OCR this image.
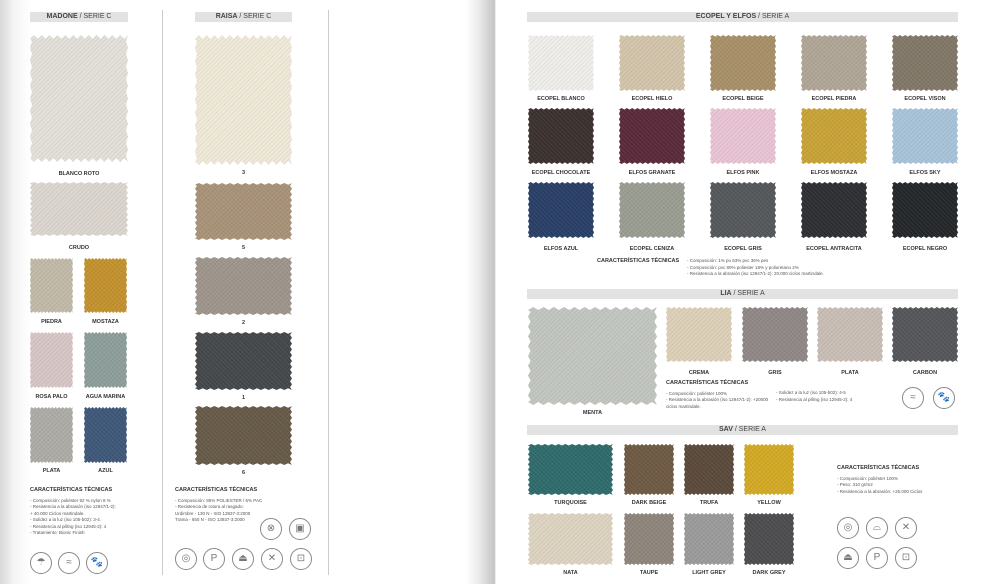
MADONE / SERIE C
BLANCO ROTO
CRUDO
PIEDRA	MOSTAZA
ROSA PALO	AGUA MARINA
PLATA	AZUL
CARACTERÍSTICAS TÉCNICAS
- Composición: poliéster 92 % nylon 8 %
- Resistencia a la abrasión (iso 12947/1-2):
+ 40.000 Ciclos martindale.
- Solidez a la luz (iso 105-b02): 3-4.
- Resistencia al pilling (iso 12945-2): 4
- Tratamiento: Bionic Finish
☂	≈	🐾
RAISA / SERIE C
3
5
2
1
6
CARACTERÍSTICAS TÉCNICAS
- Composición: 95% POLIESTER / 5% PAC
- Resistencia de rotura al rasgado:
Urdimbre - 130 N - ISO 13937-3:2000
Trama - 650 N - ISO 13937-3:2000
⊗	▣
◎	P	⏏	✕	⊡
ECOPEL Y ELFOS / SERIE A
ECOPEL BLANCO	ECOPEL HIELO	ECOPEL BEIGE	ECOPEL PIEDRA	ECOPEL VISON
ECOPEL CHOCOLATE	ELFOS GRANATE	ELFOS PINK	ELFOS MOSTAZA	ELFOS SKY
ELFOS AZUL	ECOPEL CENIZA	ECOPEL GRIS	ECOPEL ANTRACITA	ECOPEL NEGRO
CARACTERÍSTICAS TÉCNICAS - Composición: 1% pu 63% pvc 36% pes
- Composición: pvc 80% poliester 18% y poliuretano 2%
- Resistencia a la abrasión (iso 12947/1-2): 20.000 ciclos martindale.
LIA / SERIE A
MENTA
CREMA	GRIS	PLATA	CARBON
CARACTERÍSTICAS TÉCNICAS
- Composición: poliéster 100%
- Resistencia a la abrasión (iso 12947/1-2): +20000
ciclos martindale.
- Solidez a la luz (iso 105-b02): 4-5
- Resistencia al pilling (iso 12945-2): 4	≈	🐾
SAV / SERIE A
TURQUOISE	DARK BEIGE	TRUFA	YELLOW
NATA	TAUPE	LIGHT GREY	DARK GREY
CARACTERÍSTICAS TÉCNICAS
- Composición: poliéster 100%
- Peso: 310 gr/m2
- Resistencia a la abrasión: +25.000 Ciclos
◎	⌓	✕
⏏	P	⊡
